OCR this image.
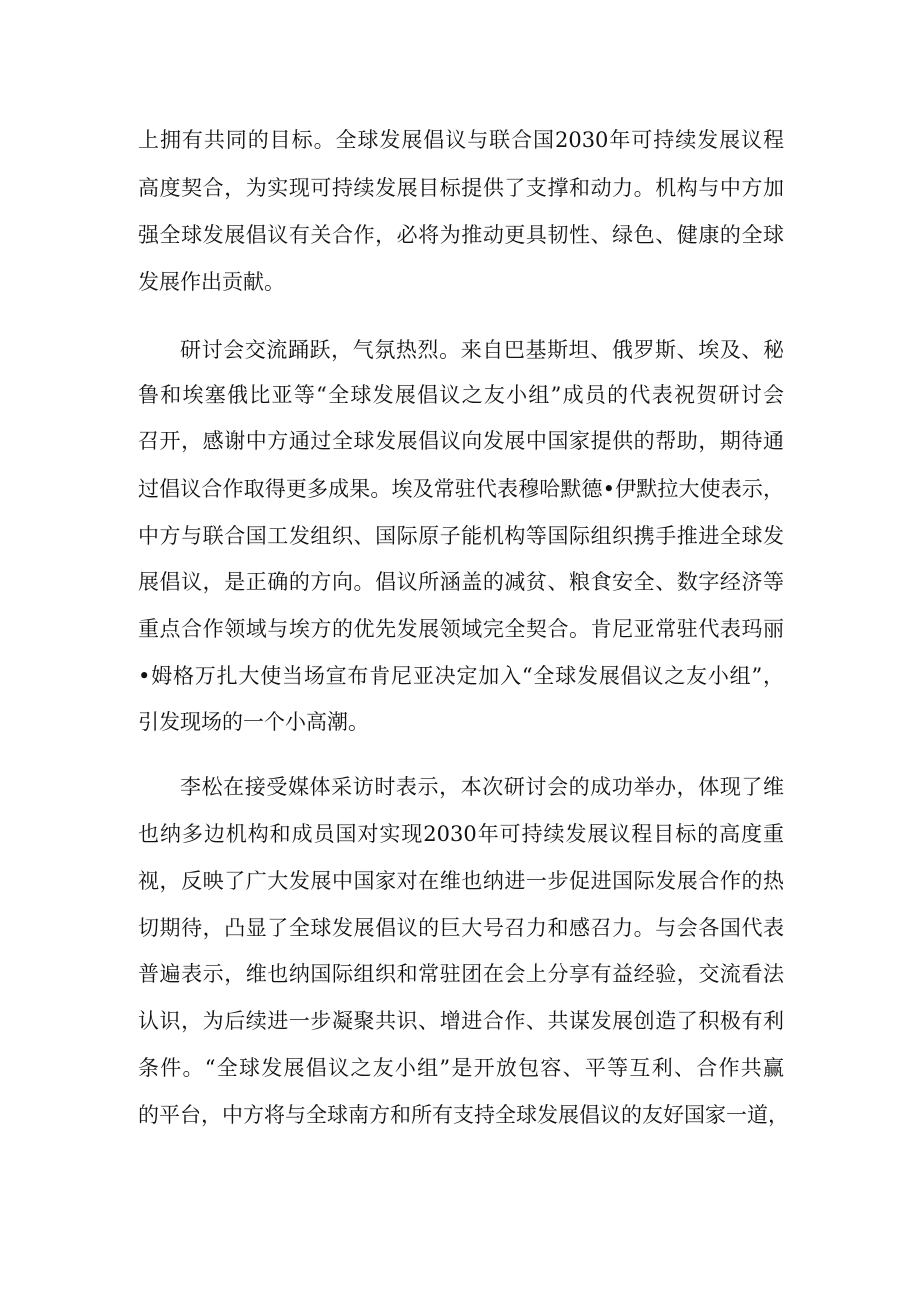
上拥有共同的目标。全球发展倡议与联合国2030年可持续发展议程
高度契合，为实现可持续发展目标提供了支撑和动力。机构与中方加
强全球发展倡议有关合作，必将为推动更具韧性、绿色、健康的全球
发展作出贡献。
研讨会交流踊跃，气氛热烈。来自巴基斯坦、俄罗斯、埃及、秘
鲁和埃塞俄比亚等“全球发展倡议之友小组”成员的代表祝贺研讨会
召开，感谢中方通过全球发展倡议向发展中国家提供的帮助，期待通
过倡议合作取得更多成果。埃及常驻代表穆哈默德•伊默拉大使表示，
中方与联合国工发组织、国际原子能机构等国际组织携手推进全球发
展倡议，是正确的方向。倡议所涵盖的减贫、粮食安全、数字经济等
重点合作领域与埃方的优先发展领域完全契合。肯尼亚常驻代表玛丽
•姆格万扎大使当场宣布肯尼亚决定加入“全球发展倡议之友小组”，
引发现场的一个小高潮。
李松在接受媒体采访时表示，本次研讨会的成功举办，体现了维
也纳多边机构和成员国对实现2030年可持续发展议程目标的高度重
视，反映了广大发展中国家对在维也纳进一步促进国际发展合作的热
切期待，凸显了全球发展倡议的巨大号召力和感召力。与会各国代表
普遍表示，维也纳国际组织和常驻团在会上分享有益经验，交流看法
认识，为后续进一步凝聚共识、增进合作、共谋发展创造了积极有利
条件。“全球发展倡议之友小组”是开放包容、平等互利、合作共赢
的平台，中方将与全球南方和所有支持全球发展倡议的友好国家一道，
